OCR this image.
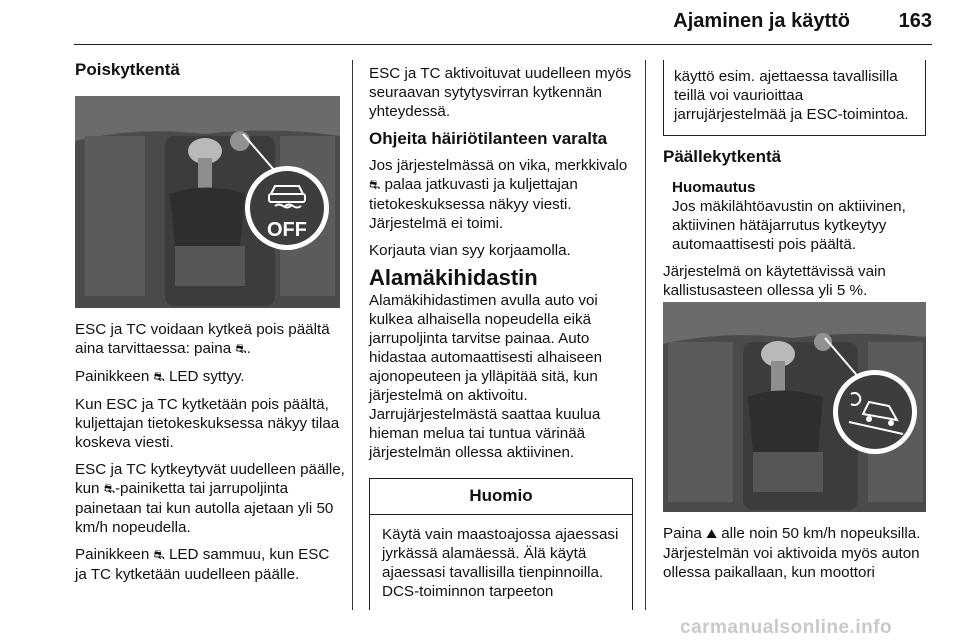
Ajaminen ja käyttö	163
Poiskytkentä
OFF

ESC ja TC voidaan kytkeä pois päältä aina tarvittaessa: paina ⛐.

Painikkeen ⛐ LED syttyy.

Kun ESC ja TC kytketään pois päältä, kuljettajan tietokeskuksessa näkyy tilaa koskeva viesti.

ESC ja TC kytkeytyvät uudelleen päälle, kun ⛐-painiketta tai jarrupoljinta painetaan tai kun autolla ajetaan yli 50 km/h nopeudella.

Painikkeen ⛐ LED sammuu, kun ESC ja TC kytketään uudelleen päälle.

ESC ja TC aktivoituvat uudelleen myös seuraavan sytytysvirran kytkennän yhteydessä.

Ohjeita häiriötilanteen varalta

Jos järjestelmässä on vika, merkkivalo ⛐ palaa jatkuvasti ja kuljettajan tietokeskuksessa näkyy viesti. Järjestelmä ei toimi.

Korjauta vian syy korjaamolla.

Alamäkihidastin

Alamäkihidastimen avulla auto voi kulkea alhaisella nopeudella eikä jarrupoljinta tarvitse painaa. Auto hidastaa automaattisesti alhaiseen ajonopeuteen ja ylläpitää sitä, kun järjestelmä on aktivoitu. Jarrujärjestelmästä saattaa kuulua hieman melua tai tuntua värinää järjestelmän ollessa aktiivinen.

Huomio
Käytä vain maastoajossa ajaessasi jyrkässä alamäessä. Älä käytä ajaessasi tavallisilla tienpinnoilla. DCS-toiminnon tarpeeton
käyttö esim. ajettaessa tavallisilla teillä voi vaurioittaa jarrujärjestelmää ja ESC-toimintoa.
Päällekytkentä
Huomautus
Jos mäkilähtöavustin on aktiivinen, aktiivinen hätäjarrutus kytkeytyy automaattisesti pois päältä.

Järjestelmä on käytettävissä vain kallistusasteen ollessa yli 5 %.

Paina ⛰ alle noin 50 km/h nopeuksilla. Järjestelmän voi aktivoida myös auton ollessa paikallaan, kun moottori

carmanualsonline.info
